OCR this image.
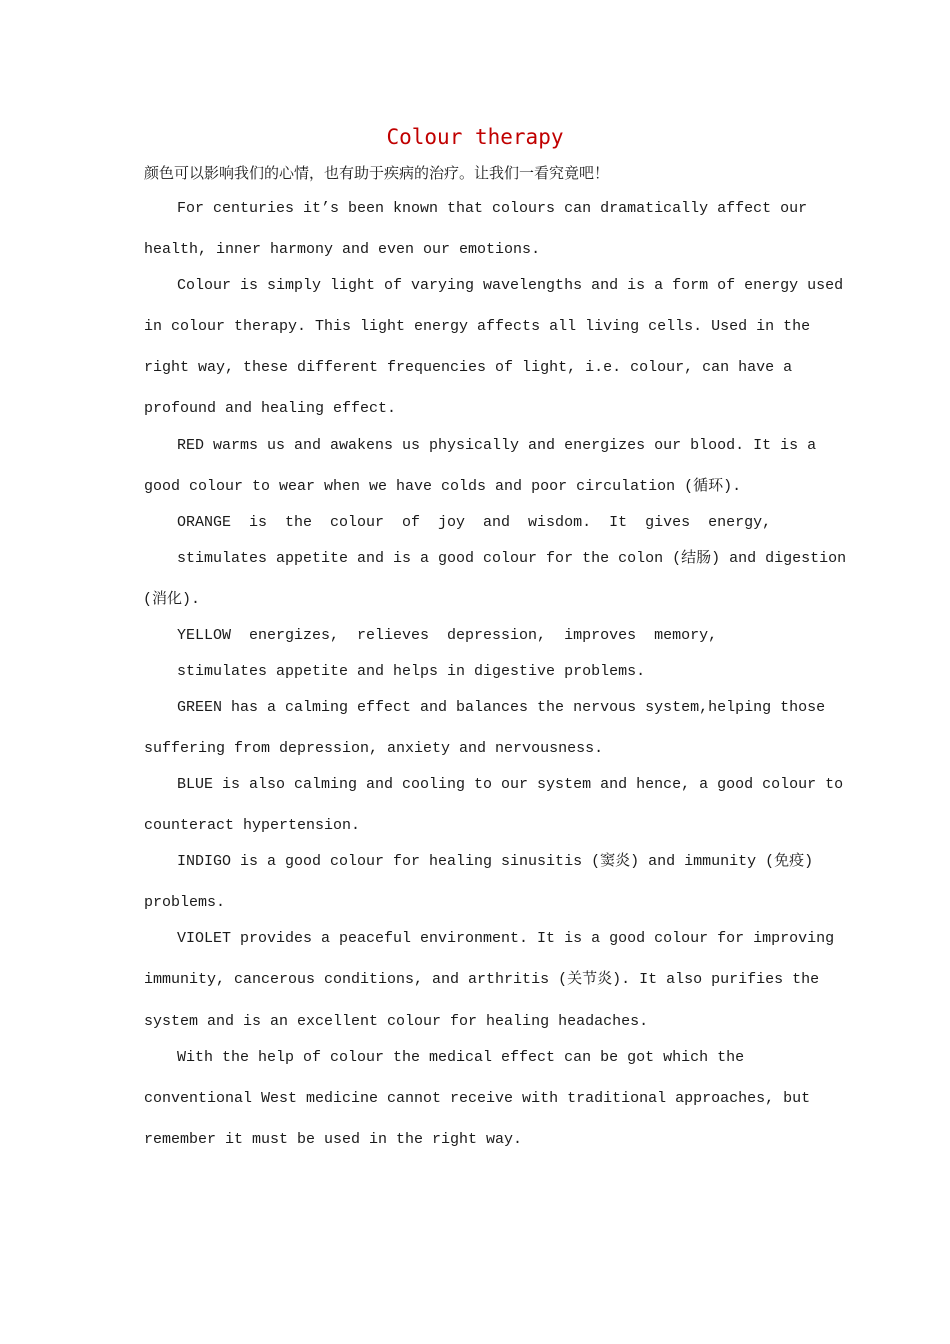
Colour therapy

颜色可以影响我们的心情，也有助于疾病的治疗。让我们一看究竟吧！

For centuries it’s been known that colours can dramatically affect our

health, inner harmony and even our emotions.

Colour is simply light of varying wavelengths and is a form of energy used

in colour therapy. This light energy affects all living cells. Used in the

right way, these different frequencies of light, i.e. colour, can have a

profound and healing effect.

RED warms us and awakens us physically and energizes our blood. It is a

good colour to wear when we have colds and poor circulation (循环).

ORANGE  is  the  colour  of  joy  and  wisdom.  It  gives  energy,

stimulates appetite and is a good colour for the colon (结肠) and digestion

(消化).

YELLOW  energizes,  relieves  depression,  improves  memory,

stimulates appetite and helps in digestive problems.

GREEN has a calming effect and balances the nervous system,helping those

suffering from depression, anxiety and nervousness.

BLUE is also calming and cooling to our system and hence, a good colour to

counteract hypertension.

INDIGO is a good colour for healing sinusitis (窦炎) and immunity (免疫)

problems.

VIOLET provides a peaceful environment. It is a good colour for improving

immunity, cancerous conditions, and arthritis (关节炎). It also purifies the

system and is an excellent colour for healing headaches.

With the help of colour the medical effect can be got which the

conventional West medicine cannot receive with traditional approaches, but

remember it must be used in the right way.
